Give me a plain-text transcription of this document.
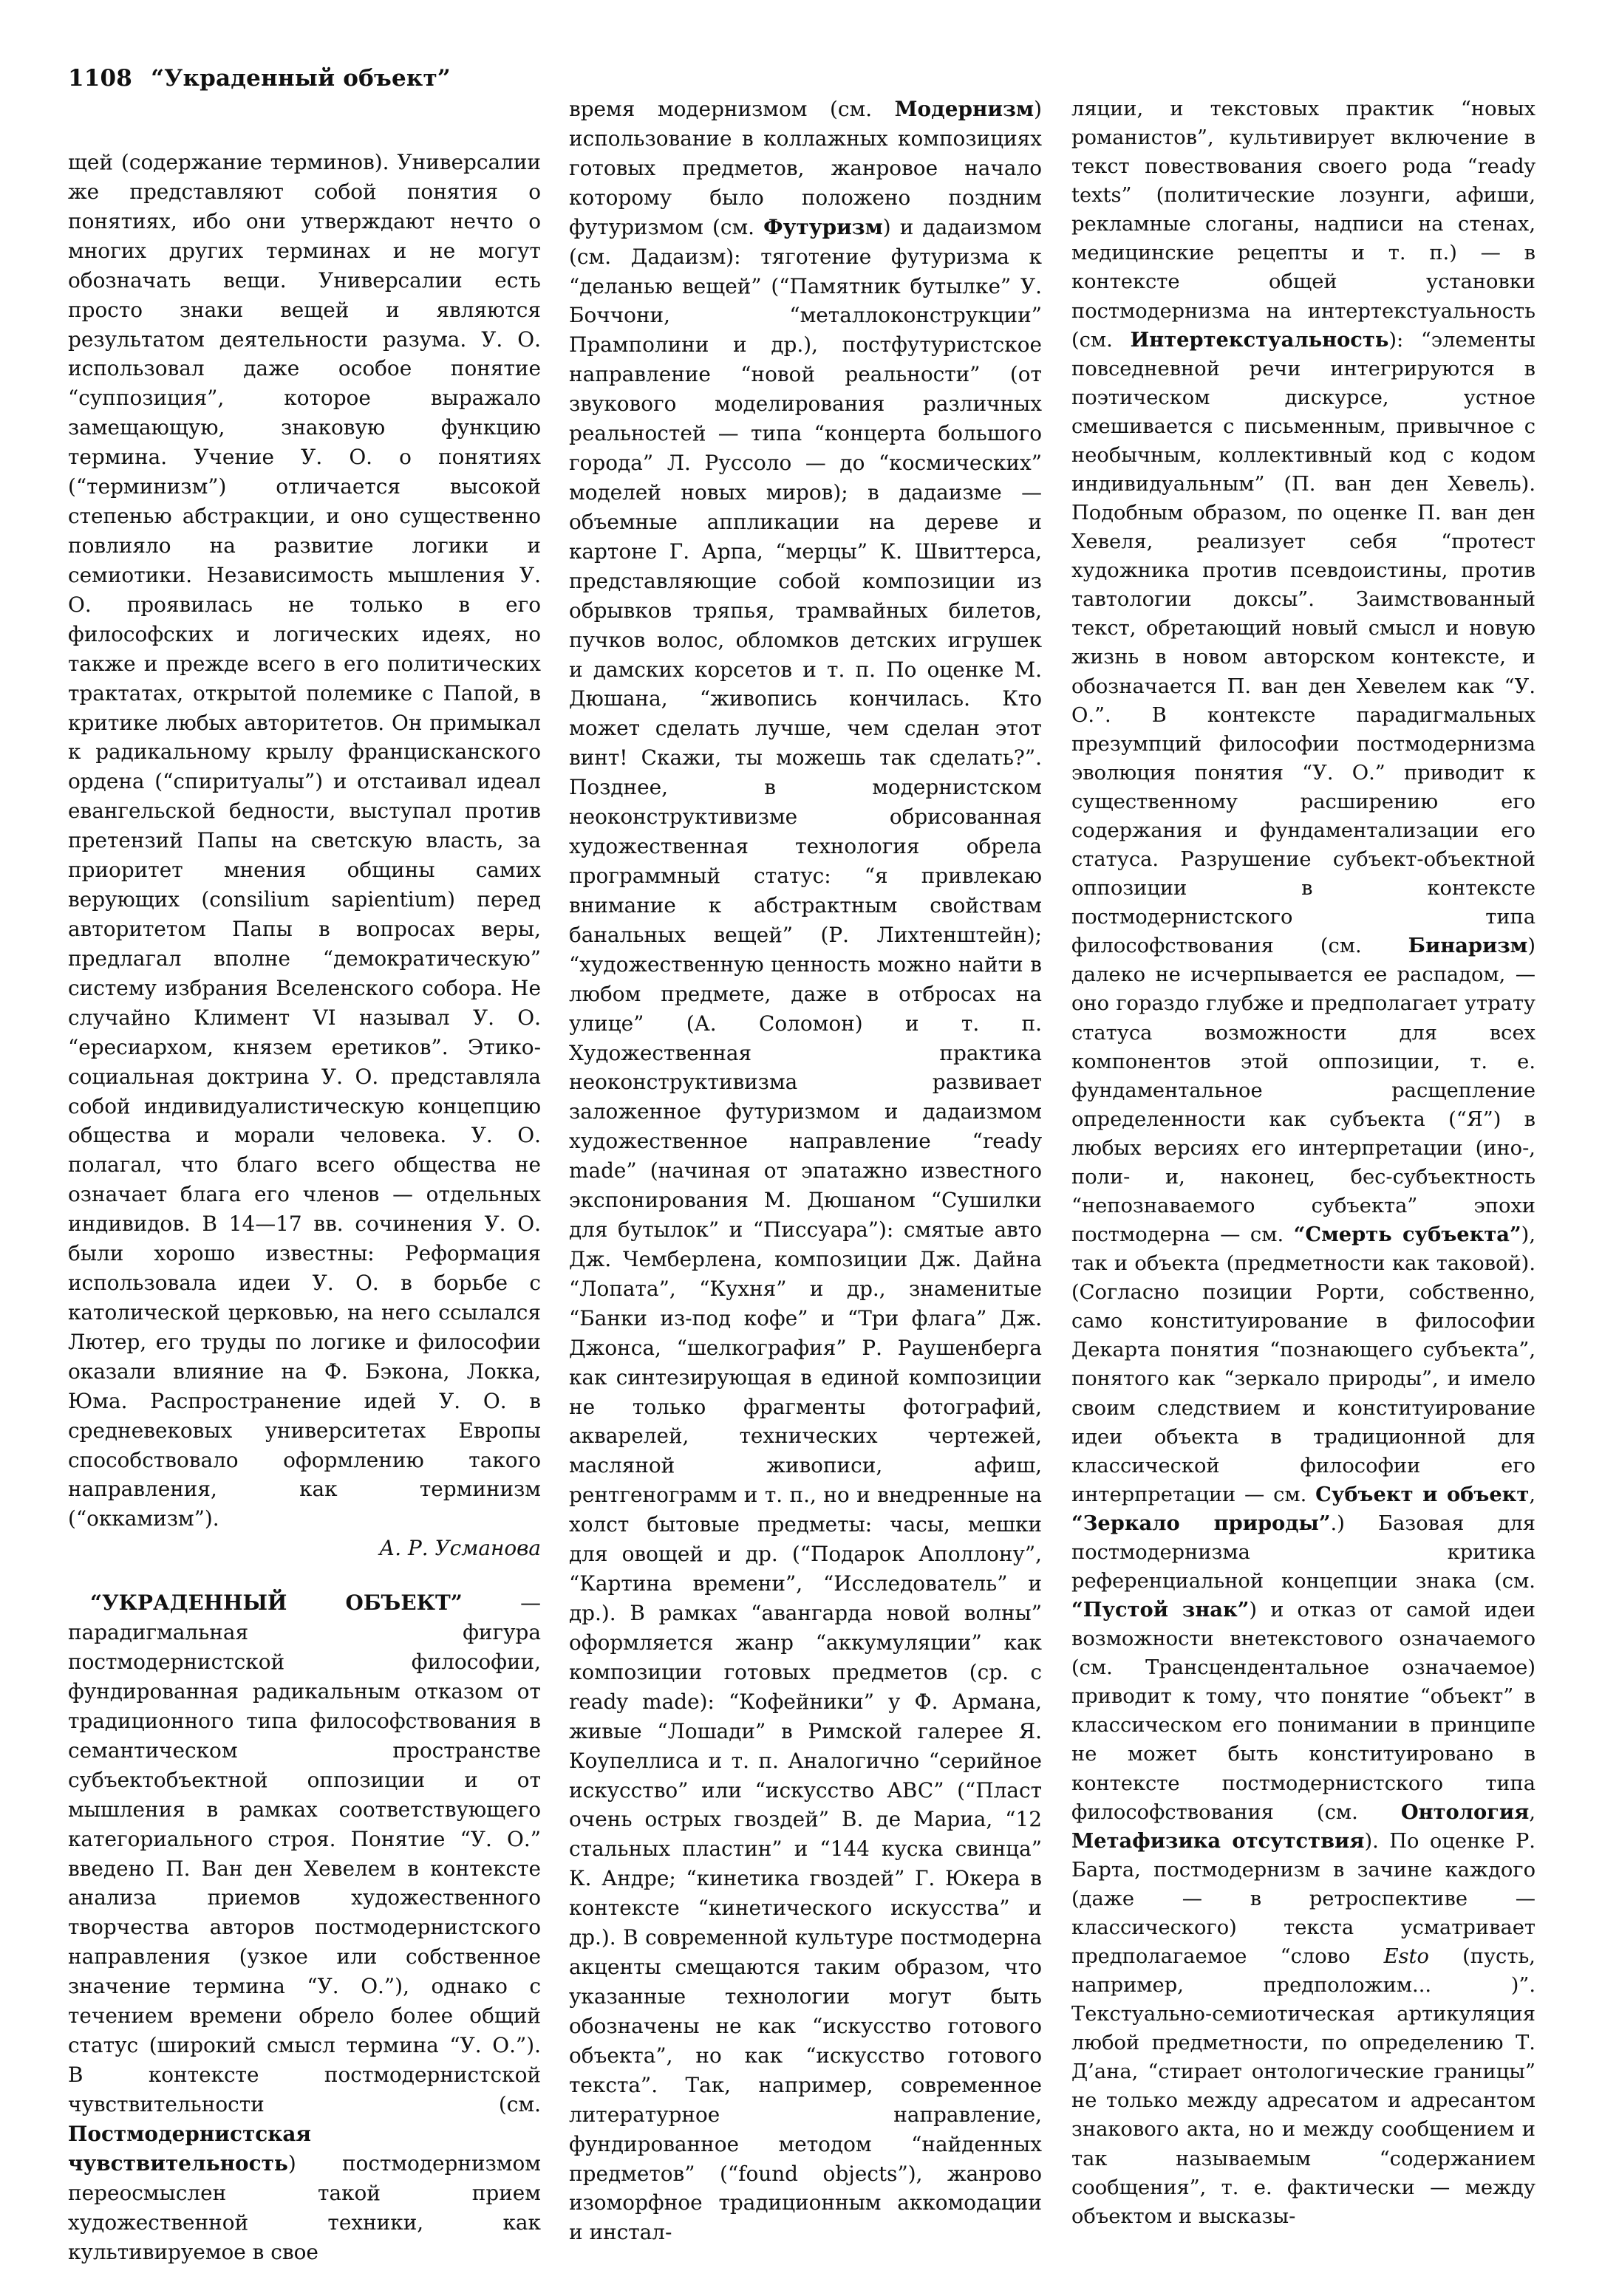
1108 “Украденный объект”

щей (содержание терминов). Универсалии же представляют собой понятия о понятиях, ибо они утверждают нечто о многих других терминах и не могут обозначать вещи. Универсалии есть просто знаки вещей и являются результатом деятельности разума. У. О. использовал даже особое понятие “суппозиция”, которое выражало замещающую, знаковую функцию термина. Учение У. О. о понятиях (“терминизм”) отличается высокой степенью абстракции, и оно существенно повлияло на развитие логики и семиотики. Независимость мышления У. О. проявилась не только в его философских и логических идеях, но также и прежде всего в его политических трактатах, открытой полемике с Папой, в критике любых авторитетов. Он примыкал к радикальному крылу францисканского ордена (“спиритуалы”) и отстаивал идеал евангельской бедности, выступал против претензий Папы на светскую власть, за приоритет мнения общины самих верующих (consilium sapientium) перед авторитетом Папы в вопросах веры, предлагал вполне “демократическую” систему избрания Вселенского собора. Не случайно Климент VI называл У. О. “ересиархом, князем еретиков”. Этико-социальная доктрина У. О. представляла собой индивидуалистическую концепцию общества и морали человека. У. О. полагал, что благо всего общества не означает блага его членов — отдельных индивидов. В 14—17 вв. сочинения У. О. были хорошо известны: Реформация использовала идеи У. О. в борьбе с католической церковью, на него ссылался Лютер, его труды по логике и философии оказали влияние на Ф. Бэкона, Локка, Юма. Распространение идей У. О. в средневековых университетах Европы способствовало оформлению такого направления, как терминизм (“оккамизм”).

А. Р. Усманова

“УКРАДЕННЫЙ ОБЪЕКТ” — парадигмальная фигура постмодернистской философии, фундированная радикальным отказом от традиционного типа философствования в семантическом пространстве субъектобъектной оппозиции и от мышления в рамках соответствующего категориального строя. Понятие “У. О.” введено П. Ван ден Хевелем в контексте анализа приемов художественного творчества авторов постмодернистского направления (узкое или собственное значение термина “У. О.”), однако с течением времени обрело более общий статус (широкий смысл термина “У. О.”). В контексте постмодернистской чувствительности (см. Постмодернистская чувствительность) постмодернизмом переосмыслен такой прием художественной техники, как культивируемое в свое

время модернизмом (см. Модернизм) использование в коллажных композициях готовых предметов, жанровое начало которому было положено поздним футуризмом (см. Футуризм) и дадаизмом (см. Дадаизм): тяготение футуризма к “деланью вещей” (“Памятник бутылке” У. Боччони, “металлоконструкции” Прамполини и др.), постфутуристское направление “новой реальности” (от звукового моделирования различных реальностей — типа “концерта большого города” Л. Руссоло — до “космических” моделей новых миров); в дадаизме — объемные аппликации на дереве и картоне Г. Арпа, “мерцы” К. Швиттерса, представляющие собой композиции из обрывков тряпья, трамвайных билетов, пучков волос, обломков детских игрушек и дамских корсетов и т. п. По оценке М. Дюшана, “живопись кончилась. Кто может сделать лучше, чем сделан этот винт! Скажи, ты можешь так сделать?”. Позднее, в модернистском неоконструктивизме обрисованная художественная технология обрела программный статус: “я привлекаю внимание к абстрактным свойствам банальных вещей” (Р. Лихтенштейн); “художественную ценность можно найти в любом предмете, даже в отбросах на улице” (А. Соломон) и т. п. Художественная практика неоконструктивизма развивает заложенное футуризмом и дадаизмом художественное направление “ready made” (начиная от эпатажно известного экспонирования М. Дюшаном “Сушилки для бутылок” и “Писсуара”): смятые авто Дж. Чемберлена, композиции Дж. Дайна “Лопата”, “Кухня” и др., знаменитые “Банки из-под кофе” и “Три флага” Дж. Джонса, “шелкография” Р. Раушенберга как синтезирующая в единой композиции не только фрагменты фотографий, акварелей, технических чертежей, масляной живописи, афиш, рентгенограмм и т. п., но и внедренные на холст бытовые предметы: часы, мешки для овощей и др. (“Подарок Аполлону”, “Картина времени”, “Исследователь” и др.). В рамках “авангарда новой волны” оформляется жанр “аккумуляции” как композиции готовых предметов (ср. с ready made): “Кофейники” у Ф. Армана, живые “Лошади” в Римской галерее Я. Коупеллиса и т. п. Аналогично “серийное искусство” или “искусство ABC” (“Пласт очень острых гвоздей” В. де Мариа, “12 стальных пластин” и “144 куска свинца” К. Андре; “кинетика гвоздей” Г. Юкера в контексте “кинетического искусства” и др.). В современной культуре постмодерна акценты смещаются таким образом, что указанные технологии могут быть обозначены не как “искусство готового объекта”, но как “искусство готового текста”. Так, например, современное литературное направление, фундированное методом “найденных предметов” (“found objects”), жанрово изоморфное традиционным аккомодации и инстал-

ляции, и текстовых практик “новых романистов”, культивирует включение в текст повествования своего рода “ready texts” (политические лозунги, афиши, рекламные слоганы, надписи на стенах, медицинские рецепты и т. п.) — в контексте общей установки постмодернизма на интертекстуальность (см. Интертекстуальность): “элементы повседневной речи интегрируются в поэтическом дискурсе, устное смешивается с письменным, привычное с необычным, коллективный код с кодом индивидуальным” (П. ван ден Хевель). Подобным образом, по оценке П. ван ден Хевеля, реализует себя “протест художника против псевдоистины, против тавтологии доксы”. Заимствованный текст, обретающий новый смысл и новую жизнь в новом авторском контексте, и обозначается П. ван ден Хевелем как “У. О.”. В контексте парадигмальных презумпций философии постмодернизма эволюция понятия “У. О.” приводит к существенному расширению его содержания и фундаментализации его статуса. Разрушение субъект-объектной оппозиции в контексте постмодернистского типа философствования (см. Бинаризм) далеко не исчерпывается ее распадом, — оно гораздо глубже и предполагает утрату статуса возможности для всех компонентов этой оппозиции, т. е. фундаментальное расщепление определенности как субъекта (“Я”) в любых версиях его интерпретации (ино-, поли- и, наконец, бес-субъектность “непознаваемого субъекта” эпохи постмодерна — см. “Смерть субъекта”), так и объекта (предметности как таковой). (Согласно позиции Рорти, собственно, само конституирование в философии Декарта понятия “познающего субъекта”, понятого как “зеркало природы”, и имело своим следствием и конституирование идеи объекта в традиционной для классической философии его интерпретации — см. Субъект и объект, “Зеркало природы”.) Базовая для постмодернизма критика референциальной концепции знака (см. “Пустой знак”) и отказ от самой идеи возможности внетекстового означаемого (см. Трансцендентальное означаемое) приводит к тому, что понятие “объект” в классическом его понимании в принципе не может быть конституировано в контексте постмодернистского типа философствования (см. Онтология, Метафизика отсутствия). По оценке Р. Барта, постмодернизм в зачине каждого (даже — в ретроспективе — классического) текста усматривает предполагаемое “слово Esto (пусть, например, предположим... )”. Текстуально-семиотическая артикуляция любой предметности, по определению Т. Д’ана, “стирает онтологические границы” не только между адресатом и адресантом знакового акта, но и между сообщением и так называемым “содержанием сообщения”, т. е. фактически — между объектом и высказы-
